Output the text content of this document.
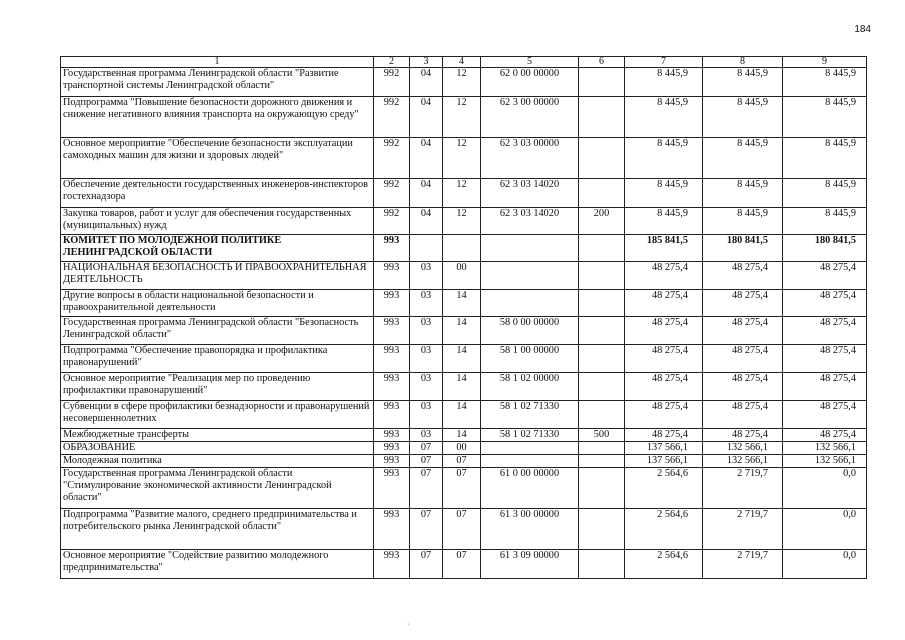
184
1	2	3	4	5	6	7	8	9
Государственная программа Ленинградской области "Развитие транспортной системы Ленинградской области"	992	04	12	62 0 00 00000		8 445,9	8 445,9	8 445,9
Подпрограмма "Повышение безопасности дорожного движения и снижение негативного влияния транспорта на окружающую среду"	992	04	12	62 3 00 00000		8 445,9	8 445,9	8 445,9
Основное мероприятие "Обеспечение безопасности эксплуатации самоходных машин для жизни и здоровых людей"	992	04	12	62 3 03 00000		8 445,9	8 445,9	8 445,9
Обеспечение деятельности государственных инженеров-инспекторов гостехнадзора	992	04	12	62 3 03 14020		8 445,9	8 445,9	8 445,9
Закупка товаров, работ и услуг для обеспечения государственных (муниципальных) нужд	992	04	12	62 3 03 14020	200	8 445,9	8 445,9	8 445,9
КОМИТЕТ ПО МОЛОДЕЖНОЙ ПОЛИТИКЕ ЛЕНИНГРАДСКОЙ ОБЛАСТИ	993					185 841,5	180 841,5	180 841,5
НАЦИОНАЛЬНАЯ БЕЗОПАСНОСТЬ И ПРАВООХРАНИТЕЛЬНАЯ ДЕЯТЕЛЬНОСТЬ	993	03	00			48 275,4	48 275,4	48 275,4
Другие вопросы в области национальной безопасности и правоохранительной деятельности	993	03	14			48 275,4	48 275,4	48 275,4
Государственная программа Ленинградской области "Безопасность Ленинградской области"	993	03	14	58 0 00 00000		48 275,4	48 275,4	48 275,4
Подпрограмма "Обеспечение правопорядка и профилактика правонарушений"	993	03	14	58 1 00 00000		48 275,4	48 275,4	48 275,4
Основное мероприятие "Реализация мер по проведению профилактики правонарушений"	993	03	14	58 1 02 00000		48 275,4	48 275,4	48 275,4
Субвенции в сфере профилактики безнадзорности и правонарушений несовершеннолетних	993	03	14	58 1 02 71330		48 275,4	48 275,4	48 275,4
Межбюджетные трансферты	993	03	14	58 1 02 71330	500	48 275,4	48 275,4	48 275,4
ОБРАЗОВАНИЕ	993	07	00			137 566,1	132 566,1	132 566,1
Молодежная политика	993	07	07			137 566,1	132 566,1	132 566,1
Государственная программа Ленинградской области "Стимулирование экономической активности Ленинградской области"	993	07	07	61 0 00 00000		2 564,6	2 719,7	0,0
Подпрограмма "Развитие малого, среднего предпринимательства и потребительского рынка Ленинградской области"	993	07	07	61 3 00 00000		2 564,6	2 719,7	0,0
Основное мероприятие "Содействие развитию молодежного предпринимательства"	993	07	07	61 3 09 00000		2 564,6	2 719,7	0,0
`
